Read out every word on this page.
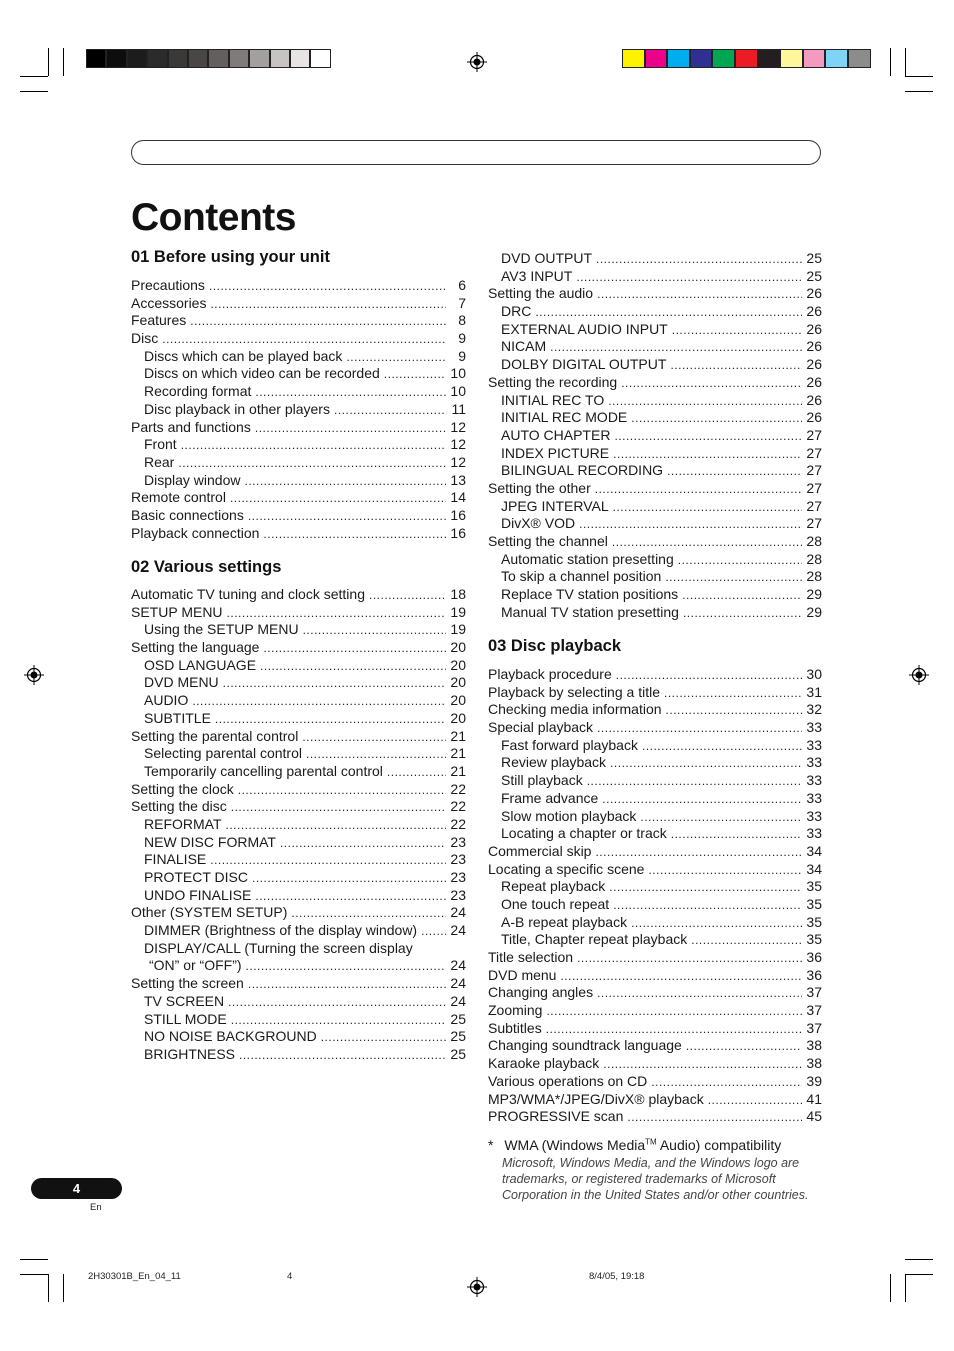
Contents
01 Before using your unit
Precautions .....	6
Accessories .....	7
Features .....	8
Disc .....	9
Discs which can be played back .....	9
Discs on which video can be recorded .....	10
Recording format .....	10
Disc playback in other players .....	11
Parts and functions .....	12
Front .....	12
Rear .....	12
Display window .....	13
Remote control .....	14
Basic connections .....	16
Playback connection .....	16
02 Various settings
Automatic TV tuning and clock setting .....	18
SETUP MENU .....	19
Using the SETUP MENU .....	19
Setting the language .....	20
OSD LANGUAGE .....	20
DVD MENU .....	20
AUDIO .....	20
SUBTITLE .....	20
Setting the parental control .....	21
Selecting parental control .....	21
Temporarily cancelling parental control .....	21
Setting the clock .....	22
Setting the disc .....	22
REFORMAT .....	22
NEW DISC FORMAT .....	23
FINALISE .....	23
PROTECT DISC .....	23
UNDO FINALISE .....	23
Other (SYSTEM SETUP) .....	24
DIMMER (Brightness of the display window) ..... 24
DISPLAY/CALL (Turning the screen display
“ON” or “OFF”) .....	24
Setting the screen .....	24
TV SCREEN .....	24
STILL MODE .....	25
NO NOISE BACKGROUND .....	25
BRIGHTNESS .....	25
DVD OUTPUT .....	25
AV3 INPUT .....	25
Setting the audio .....	26
DRC .....	26
EXTERNAL AUDIO INPUT .....	26
NICAM .....	26
DOLBY DIGITAL OUTPUT .....	26
Setting the recording .....	26
INITIAL REC TO .....	26
INITIAL REC MODE .....	26
AUTO CHAPTER .....	27
INDEX PICTURE .....	27
BILINGUAL RECORDING .....	27
Setting the other .....	27
JPEG INTERVAL .....	27
DivX® VOD .....	27
Setting the channel .....	28
Automatic station presetting .....	28
To skip a channel position .....	28
Replace TV station positions .....	29
Manual TV station presetting .....	29
03 Disc playback
Playback procedure .....	30
Playback by selecting a title .....	31
Checking media information .....	32
Special playback .....	33
Fast forward playback .....	33
Review playback .....	33
Still playback .....	33
Frame advance .....	33
Slow motion playback .....	33
Locating a chapter or track .....	33
Commercial skip .....	34
Locating a specific scene .....	34
Repeat playback .....	35
One touch repeat .....	35
A-B repeat playback .....	35
Title, Chapter repeat playback .....	35
Title selection .....	36
DVD menu .....	36
Changing angles .....	37
Zooming .....	37
Subtitles .....	37
Changing soundtrack language .....	38
Karaoke playback .....	38
Various operations on CD .....	39
MP3/WMA*/JPEG/DivX® playback .....	41
PROGRESSIVE scan .....	45
* WMA (Windows Media™ Audio) compatibility
Microsoft, Windows Media, and the Windows logo are trademarks, or registered trademarks of Microsoft Corporation in the United States and/or other countries.
4
En
2H30301B_En_04_11	4	8/4/05, 19:18
